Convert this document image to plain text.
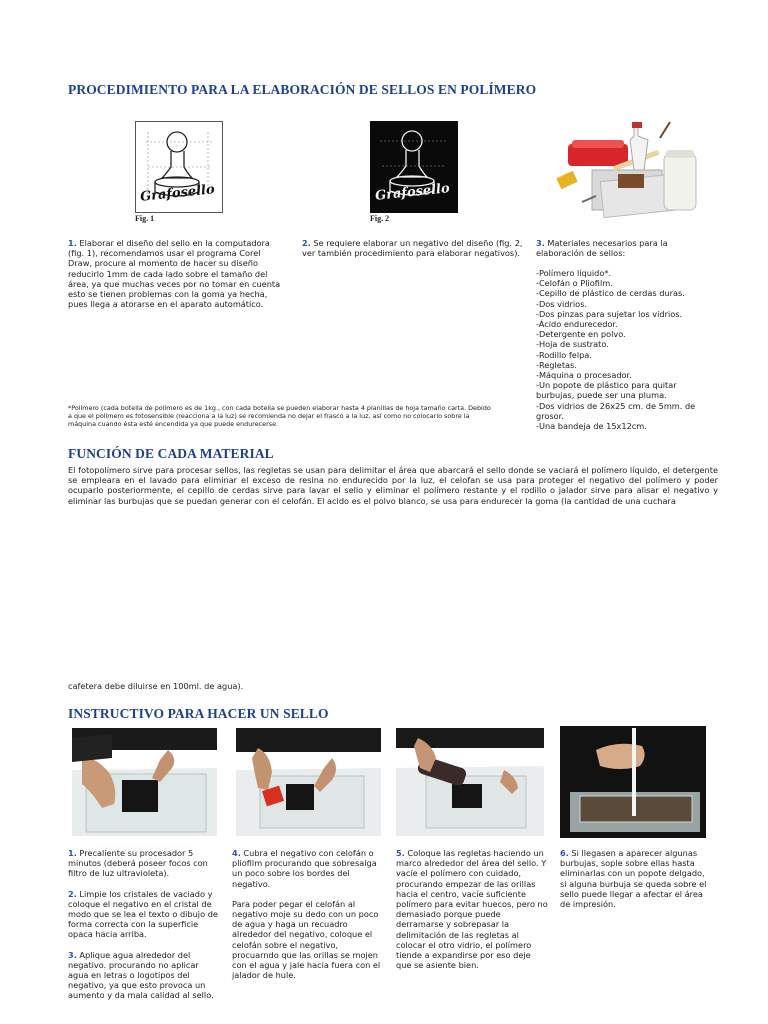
PROCEDIMIENTO PARA LA ELABORACIÓN DE SELLOS EN POLÍMERO
Grafosello
Fig. 1
Grafosello
Fig. 2
1. Elaborar el diseño del sello en la computadora (fig. 1), recomendamos usar el programa Corel Draw, procure al momento de hacer su diseño reducirlo 1mm de cada lado sobre el tamaño del área, ya que muchas veces por no tomar en cuenta esto se tienen problemas con la goma ya hecha, pues llega a atorarse en el aparato automático.
2. Se requiere elaborar un negativo del diseño (fig. 2, ver también procedimiento para elaborar negativos).
3. Materiales necesarios para la elaboración de sellos:
-Polímero líquido*.
-Celofán o Pliofilm.
-Cepillo de plástico de cerdas duras.
-Dos vidrios.
-Dos pinzas para sujetar los vidrios.
-Ácido endurecedor.
-Detergente en polvo.
-Hoja de sustrato.
-Rodillo felpa.
-Regletas.
-Máquina o procesador.
-Un popote de plástico para quitar burbujas, puede ser una pluma.
-Dos vidrios de 26x25 cm. de 5mm. de grosor.
-Una bandeja de 15x12cm.
*Polímero (cada botella de polímero es de 1kg., con cada botella se pueden elaborar hasta 4 planillas de hoja tamaño carta. Debido a que el polímero es fotosensible (reacciona a la luz) se recomienda no dejar el frasco a la luz, así como no colocarlo sobre la máquina cuando ésta esté encendida ya que puede endurecerse.
FUNCIÓN DE CADA MATERIAL
El fotopolímero sirve para procesar sellos, las regletas se usan para delimitar el área que abarcará el sello donde se vaciará el polímero líquido, el detergente se empleara en el lavado para eliminar el exceso de resina no endurecido por la luz, el celofan se usa para proteger el negativo del polímero y poder ocuparlo posteriormente, el cepillo de cerdas sirve para lavar el sello y eliminar el polímero restante y el rodillo o jalador sirve para alisar el negativo y eliminar las burbujas que se puedan generar con el celofán. El acido es el polvo blanco, se usa para endurecer la goma (la cantidad de una cuchara
cafetera debe diluirse en 100ml. de agua).
INSTRUCTIVO PARA HACER UN SELLO
1. Precaliente su procesador 5 minutos (deberá poseer focos con filtro de luz ultravioleta).
2. Limpie los cristales de vaciado y coloque el negativo en el cristal de modo que se lea el texto o dibujo de forma correcta con la superficie opaca hacia arriba.
3. Aplique agua alrededor del negativo. procurando no aplicar agua en letras o logotipos del negativo, ya que esto provoca un aumento y da mala calidad al sello.
4. Cubra el negativo con celofán o pliofilm procurando que sobresalga un poco sobre los bordes del negativo.
Para poder pegar el celofán al negativo moje su dedo con un poco de agua y haga un recuadro alrededor del negativo, coloque el celofán sobre el negativo, procuarndo que las orillas se mojen con el agua y jale hacia fuera con el jalador de hule.
5. Coloque las regletas haciendo un marco alrededor del área del sello. Y vacíe el polímero con cuidado, procurando empezar de las orillas hacia el centro, vacíe suficiente polímero para evitar huecos, pero no demasiado porque puede derramarse y sobrepasar la delimitación de las regletas al colocar el otro vidrio, el polímero tiende a expandirse por eso deje que se asiente bien.
6. Si llegasen a aparecer algunas burbujas, sople sobre ellas hasta eliminarlas con un popote delgado, si alguna burbuja se queda sobre el sello puede llegar a afectar el área de impresión.
